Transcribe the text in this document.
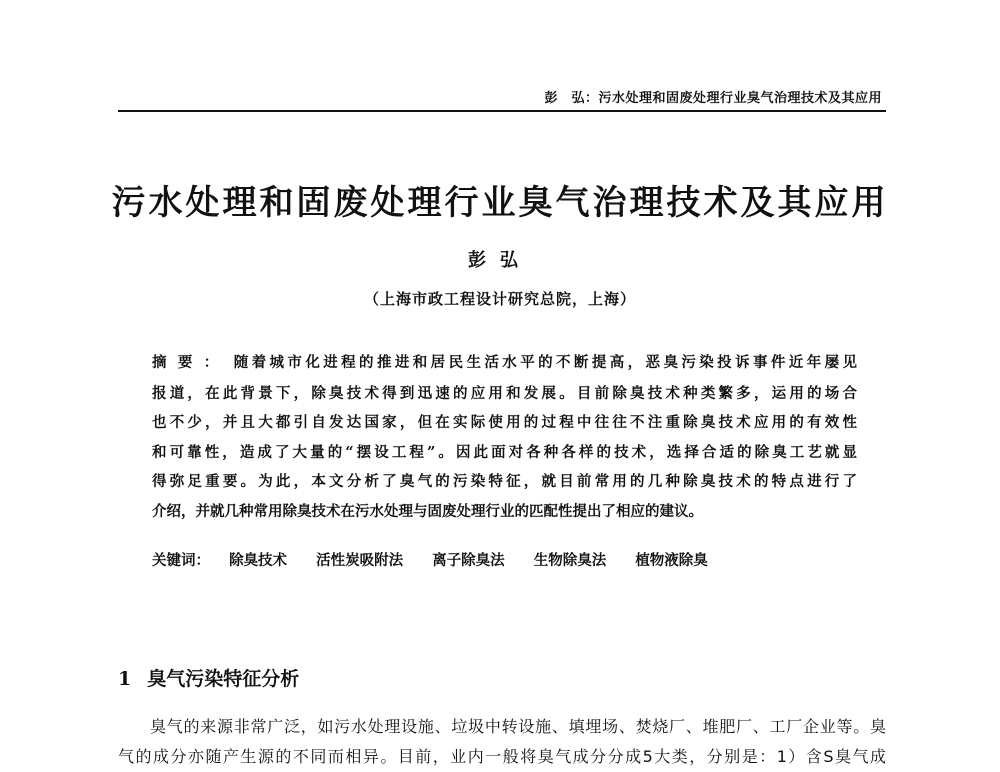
彭　弘：污水处理和固废处理行业臭气治理技术及其应用
污水处理和固废处理行业臭气治理技术及其应用
彭弘
（上海市政工程设计研究总院，上海）
摘要： 随着城市化进程的推进和居民生活水平的不断提高，恶臭污染投诉事件近年屡见
报道，在此背景下，除臭技术得到迅速的应用和发展。目前除臭技术种类繁多，运用的场合
也不少，并且大都引自发达国家，但在实际使用的过程中往往不注重除臭技术应用的有效性
和可靠性，造成了大量的“摆设工程”。因此面对各种各样的技术，选择合适的除臭工艺就显
得弥足重要。为此，本文分析了臭气的污染特征，就目前常用的几种除臭技术的特点进行了
介绍，并就几种常用除臭技术在污水处理与固废处理行业的匹配性提出了相应的建议。
关键词： 除臭技术 活性炭吸附法 离子除臭法 生物除臭法 植物液除臭
1 臭气污染特征分析
臭气的来源非常广泛，如污水处理设施、垃圾中转设施、填埋场、焚烧厂、堆肥厂、工厂企业等。臭
气的成分亦随产生源的不同而相异。目前，业内一般将臭气成分分成5大类，分别是：1）含S臭气成
